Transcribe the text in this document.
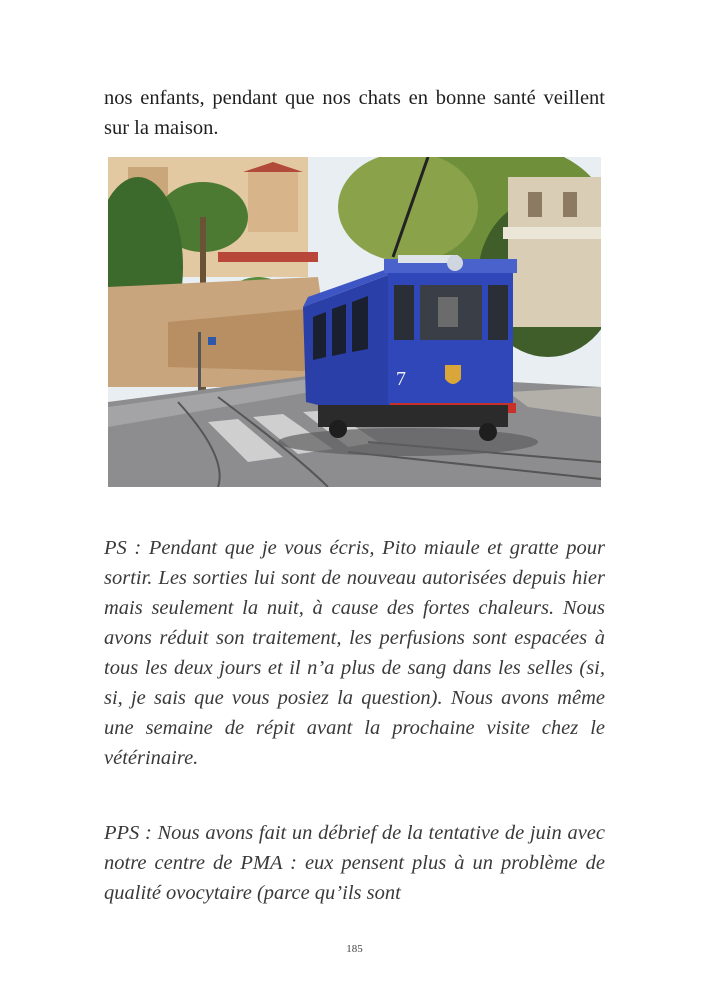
nos enfants, pendant que nos chats en bonne santé veillent sur la maison.

7

PS : Pendant que je vous écris, Pito miaule et gratte pour sortir. Les sorties lui sont de nouveau autorisées depuis hier mais seulement la nuit, à cause des fortes chaleurs. Nous avons réduit son traitement, les perfusions sont espacées à tous les deux jours et il n’a plus de sang dans les selles (si, si, je sais que vous posiez la question). Nous avons même une semaine de répit avant la prochaine visite chez le vétérinaire.

PPS : Nous avons fait un débrief de la tentative de juin avec notre centre de PMA : eux pensent plus à un problème de qualité ovocytaire (parce qu’ils sont

185
